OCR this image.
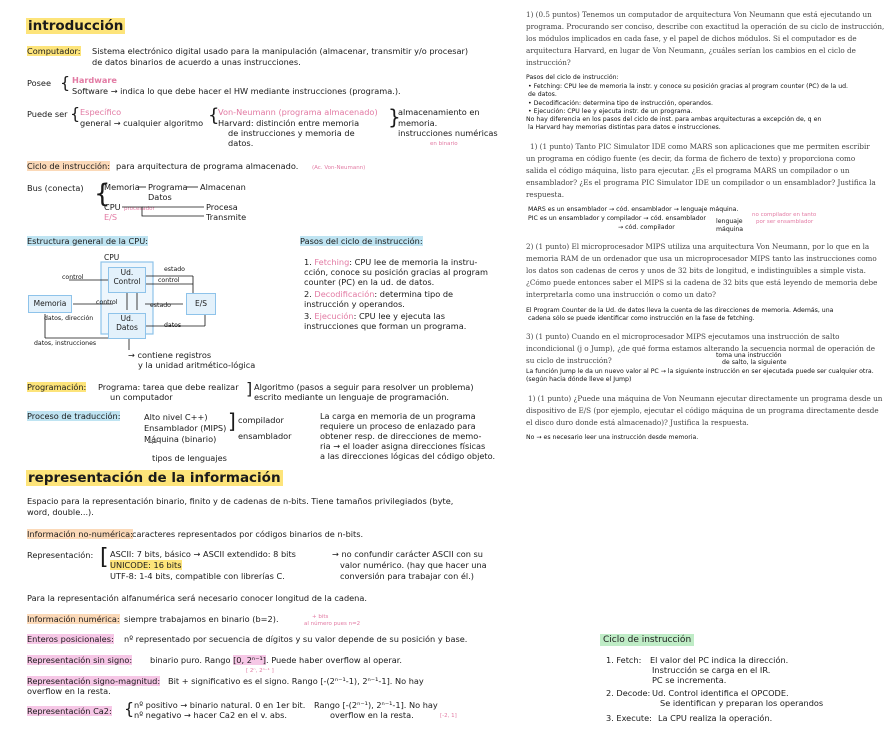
introducción
Computador: Sistema electrónico digital usado para la manipulación (almacenar, transmitir y/o procesar)
de datos binarios de acuerdo a unas instrucciones.
Posee { Hardware
Software → indica lo que debe hacer el HW mediante instrucciones (programa.).
Puede ser { Específico
general → cualquier algoritmo {
Von-Neumann (programa almacenado)
Harvard: distinción entre memoria
de instrucciones y memoria de
datos.
}
almacenamiento en
memoria.
instrucciones numéricas
en binario
Ciclo de instrucción: para arquitectura de programa almacenado. (Ac. Von-Neumann)
Bus (conecta) {
Memoria Programa
Datos
Almacenan
CPU procesador
E/S
Procesa
Transmite
Estructura general de la CPU:
CPU
Ud.
Control
Ud.
Datos
Memoria	E/S
control
estado
control
control	estado
datos, dirección
datos
datos, instrucciones
→ contiene registros
y la unidad aritmético-lógica
Pasos del ciclo de instrucción:
1. Fetching: CPU lee de memoria la instru-
cción, conoce su posición gracias al program
counter (PC) en la ud. de datos.
2. Decodificación: determina tipo de
instrucción y operandos.
3. Ejecución: CPU lee y ejecuta las
instrucciones que forman un programa.
Programación: Programa: tarea que debe realizar
un computador	] Algoritmo (pasos a seguir para resolver un problema)
escrito mediante un lenguaje de programación.
Proceso de traducción:	Alto nivel C++)
Ensamblador (MIPS)
Máquina (binario)
] compilador
ensamblador
︸
tipos de lenguajes
La carga en memoria de un programa
requiere un proceso de enlazado para
obtener resp. de direcciones de memo-
ria → el loader asigna direcciones físicas
a las direcciones lógicas del código objeto.
representación de la información
Espacio para la representación binario, finito y de cadenas de n-bits. Tiene tamaños privilegiados (byte,
word, double...).
Información no-numérica: caracteres representados por códigos binarios de n-bits.
Representación: [ ASCII: 7 bits, básico → ASCII extendido: 8 bits
UNICODE: 16 bits
UTF-8: 1-4 bits, compatible con librerías C.
→ no confundir carácter ASCII con su
valor numérico. (hay que hacer una
conversión para trabajar con él.)
Para la representación alfanumérica será necesario conocer longitud de la cadena.
Información numérica: siempre trabajamos en binario (b=2).	+ bits
al número pues n=2
Enteros posicionales: nº representado por secuencia de dígitos y su valor depende de su posición y base.
Representación sin signo: binario puro. Rango [0, 2ⁿ⁻¹]. Puede haber overflow al operar.
[ 2ⁿ, 2ⁿ⁻¹ ]
Representación signo-magnitud: Bit + significativo es el signo. Rango [-(2ⁿ⁻¹-1), 2ⁿ⁻¹-1]. No hay
overflow en la resta.
Representación Ca2: { nº positivo → binario natural. 0 en 1er bit.
nº negativo → hacer Ca2 en el v. abs.
Rango [-(2ⁿ⁻¹), 2ⁿ⁻¹-1]. No hay
overflow en la resta.	[-2, 1]
1) (0.5 puntos) Tenemos un computador de arquitectura Von Neumann que está ejecutando un
programa. Procurando ser conciso, describe con exactitud la operación de su ciclo de instrucción,
los módulos implicados en cada fase, y el papel de dichos módulos. Si el computador es de
arquitectura Harvard, en lugar de Von Neumann, ¿cuáles serían los cambios en el ciclo de
instrucción?
Pasos del ciclo de instrucción:
• Fetching: CPU lee de memoria la instr. y conoce su posición gracias al program counter (PC) de la ud.
de datos.
• Decodificación: determina tipo de instrucción, operandos.
• Ejecución: CPU lee y ejecuta instr. de un programa.
No hay diferencia en los pasos del ciclo de inst. para ambas arquitecturas a excepción de, q en
la Harvard hay memorias distintas para datos e instrucciones.
1) (1 punto) Tanto PIC Simulator IDE como MARS son aplicaciones que me permiten escribir
un programa en código fuente (es decir, da forma de fichero de texto) y proporciona como
salida el código máquina, listo para ejecutar. ¿Es el programa MARS un compilador o un
ensamblador? ¿Es el programa PIC Simulator IDE un compilador o un ensamblador? Justifica la
respuesta.
MARS es un ensamblador → cód. ensamblador → lenguaje máquina.
PIC es un ensamblador y compilador → cód. ensamblador
→ cód. compilador
lenguaje
máquina
no compilador en tanto
por ser ensamblador
2) (1 punto) El microprocesador MIPS utiliza una arquitectura Von Neumann, por lo que en la
memoria RAM de un ordenador que usa un microprocesador MIPS tanto las instrucciones como
los datos son cadenas de ceros y unos de 32 bits de longitud, e indistinguibles a simple vista.
¿Cómo puede entonces saber el MIPS si la cadena de 32 bits que está leyendo de memoria debe
interpretarla como una instrucción o como un dato?
El Program Counter de la Ud. de datos lleva la cuenta de las direcciones de memoria. Además, una
cadena sólo se puede identificar como instrucción en la fase de fetching.
3) (1 punto) Cuando en el microprocesador MIPS ejecutamos una instrucción de salto
incondicional (j o Jump), ¿de qué forma estamos alterando la secuencia normal de operación de
su ciclo de instrucción?
toma una instrucción
de salto, la siguiente
La función Jump le da un nuevo valor al PC → la siguiente instrucción en ser ejecutada puede ser cualquier otra.
(según hacia dónde lleve el Jump)
1) (1 punto) ¿Puede una máquina de Von Neumann ejecutar directamente un programa desde un
dispositivo de E/S (por ejemplo, ejecutar el código máquina de un programa directamente desde
el disco duro donde está almacenado)? Justifica la respuesta.
No → es necesario leer una instrucción desde memoria.
Ciclo de instrucción
1. Fetch: El valor del PC indica la dirección.
Instrucción se carga en el IR.
PC se incrementa.
2. Decode: Ud. Control identifica el OPCODE.
Se identifican y preparan los operandos
3. Execute: La CPU realiza la operación.
